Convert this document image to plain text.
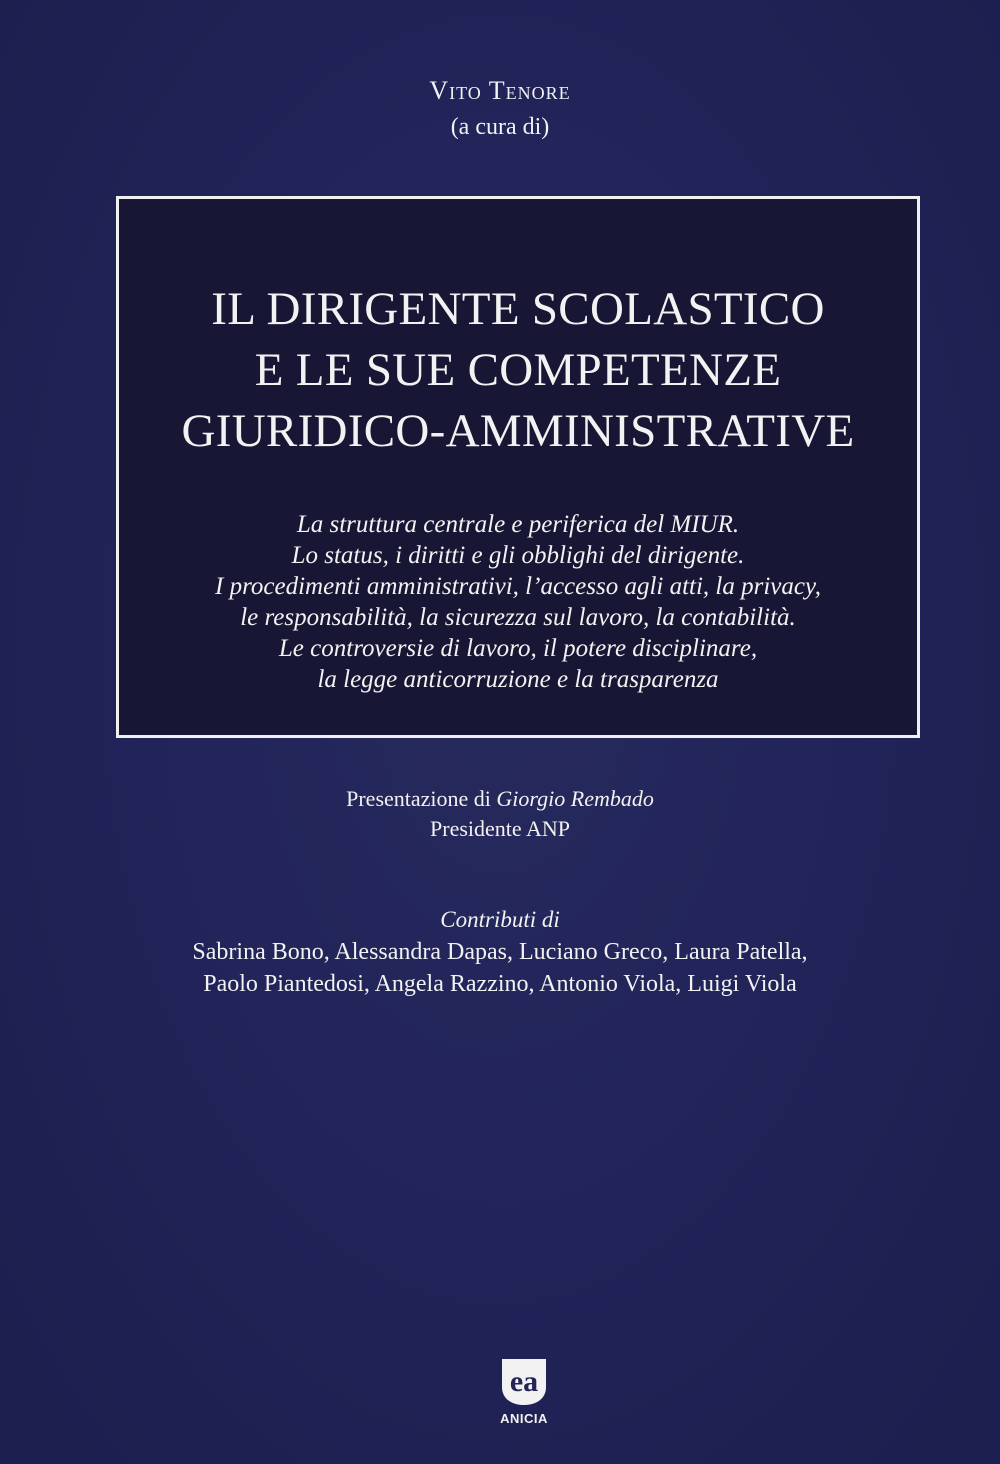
Vito Tenore
(a cura di)
IL DIRIGENTE SCOLASTICO
E LE SUE COMPETENZE
GIURIDICO-AMMINISTRATIVE
La struttura centrale e periferica del MIUR.
Lo status, i diritti e gli obblighi del dirigente.
I procedimenti amministrativi, l’accesso agli atti, la privacy,
le responsabilità, la sicurezza sul lavoro, la contabilità.
Le controversie di lavoro, il potere disciplinare,
la legge anticorruzione e la trasparenza
Presentazione di Giorgio Rembado
Presidente ANP
Contributi di
Sabrina Bono, Alessandra Dapas, Luciano Greco, Laura Patella,
Paolo Piantedosi, Angela Razzino, Antonio Viola, Luigi Viola
ea
ANICIA
